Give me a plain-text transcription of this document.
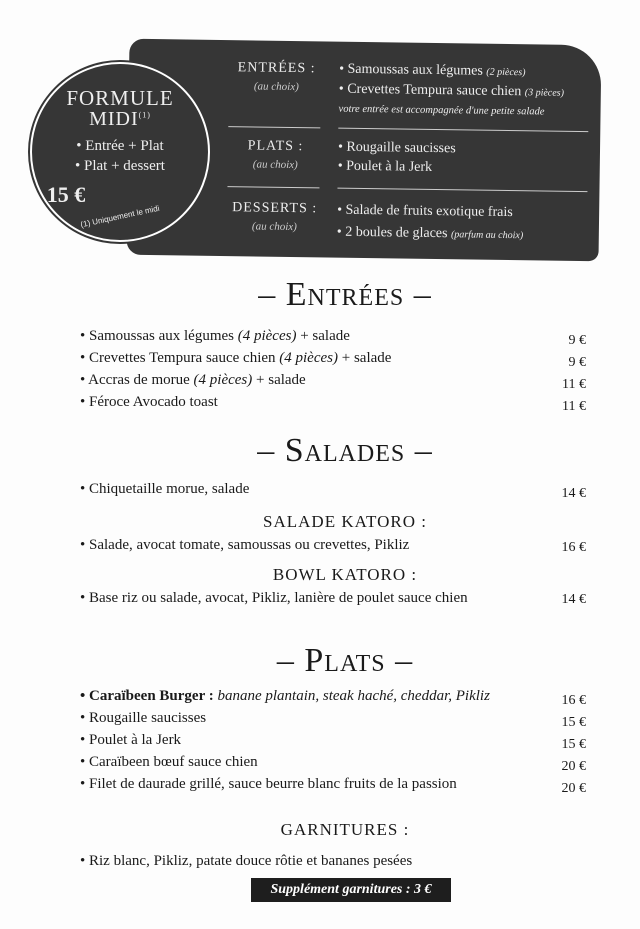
ENTRÉES :
(au choix)
• Samoussas aux légumes (2 pièces)
• Crevettes Tempura sauce chien (3 pièces)
votre entrée est accompagnée d'une petite salade
PLATS :
(au choix)
• Rougaille saucisses
• Poulet à la Jerk
DESSERTS :
(au choix)
• Salade de fruits exotique frais
• 2 boules de glaces (parfum au choix)
FORMULE
MIDI$^{(1)}$
• Entrée + Plat
• Plat + dessert
15 €
(1) Uniquement le midi
– Entrées –
• Samoussas aux légumes (4 pièces) + salade	9 €
• Crevettes Tempura sauce chien (4 pièces) + salade	9 €
• Accras de morue (4 pièces) + salade	11 €
• Féroce Avocado toast	11 €
– Salades –
• Chiquetaille morue, salade	14 €
SALADE KATORO :
• Salade, avocat tomate, samoussas ou crevettes, Pikliz	16 €
BOWL KATORO :
• Base riz ou salade, avocat, Pikliz, lanière de poulet sauce chien	14 €
– Plats –
• Caraïbeen Burger : banane plantain, steak haché, cheddar, Pikliz	16 €
• Rougaille saucisses	15 €
• Poulet à la Jerk	15 €
• Caraïbeen bœuf sauce chien	20 €
• Filet de daurade grillé, sauce beurre blanc fruits de la passion	20 €
GARNITURES :
• Riz blanc, Pikliz, patate douce rôtie et bananes pesées
Supplément garnitures : 3 €
